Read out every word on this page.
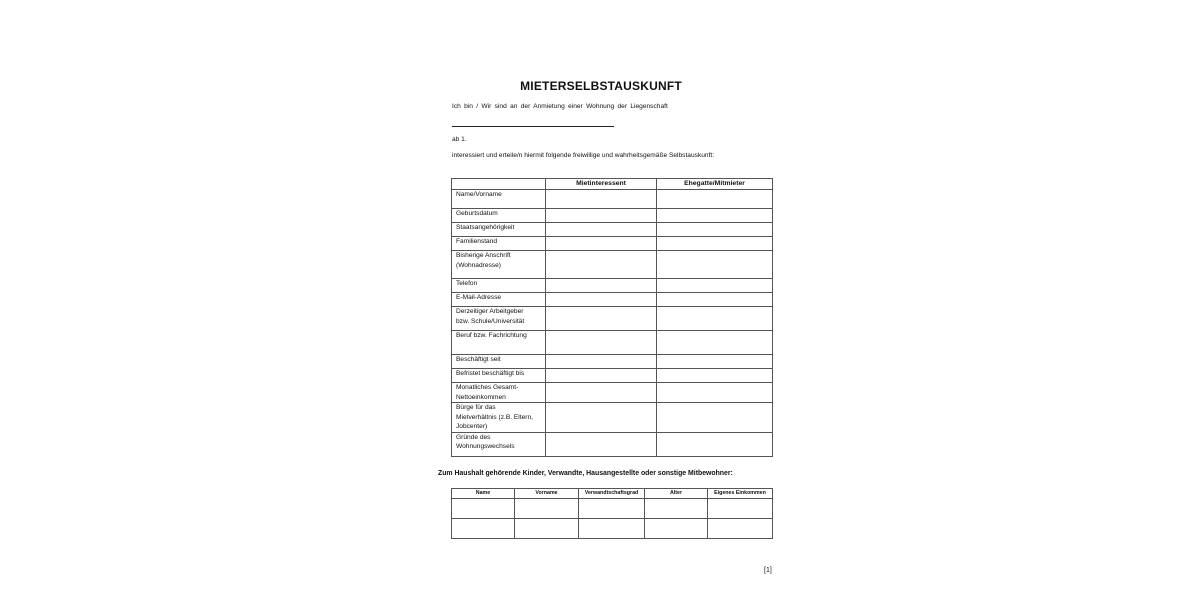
MIETERSELBSTAUSKUNFT
Ich bin / Wir sind an der Anmietung einer Wohnung der Liegenschaft
ab 1.
interessiert und erteile/n hiermit folgende freiwillige und wahrheitsgemäße Selbstauskunft:
	Mietinteressent	Ehegatte/Mitmieter

Name/Vorname		

Geburtsdatum		

Staatsangehörigkeit		

Familienstand		

Bisherige Anschrift
(Wohnadresse)		

Telefon		

E-Mail-Adresse		

Derzeitiger Arbeitgeber
bzw. Schule/Universität		

Beruf bzw. Fachrichtung		

Beschäftigt seit		

Befristet beschäftigt bis		

Monatliches Gesamt-
Nettoeinkommen		

Bürge für das
Mietverhältnis (z.B. Eltern,
Jobcenter)		

Gründe des
Wohnungswechsels		

Zum Haushalt gehörende Kinder, Verwandte, Hausangestellte oder sonstige Mitbewohner:
Name	Vorname	Verwandtschaftsgrad	Alter	Eigenes Einkommen

[1]
